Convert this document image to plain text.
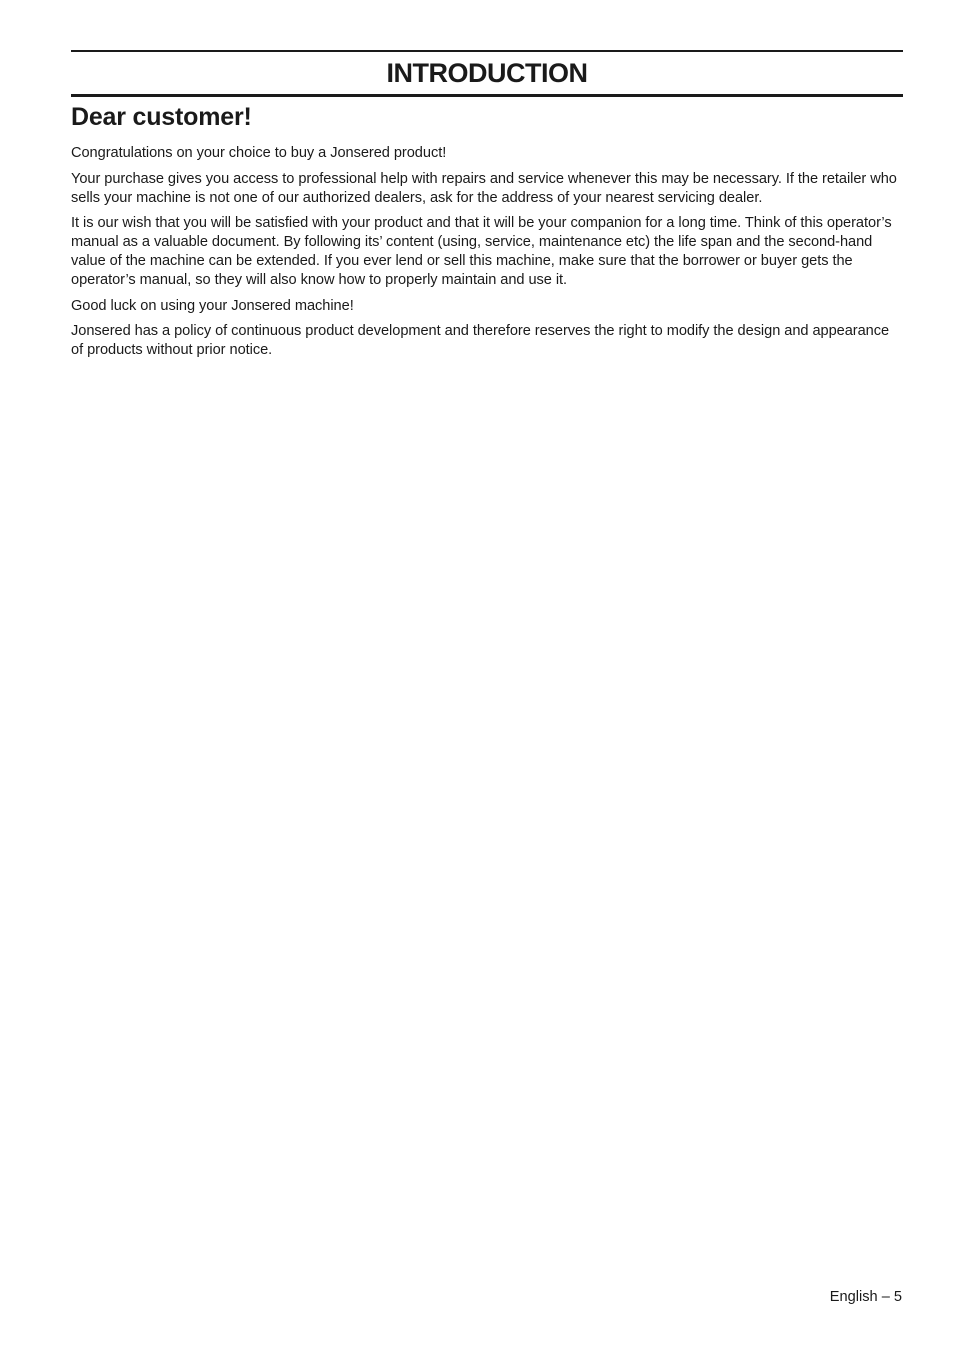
INTRODUCTION
Dear customer!

Congratulations on your choice to buy a Jonsered product!

Your purchase gives you access to professional help with repairs and service whenever this may be necessary. If the retailer who sells your machine is not one of our authorized dealers, ask for the address of your nearest servicing dealer.

It is our wish that you will be satisfied with your product and that it will be your companion for a long time. Think of this operator’s manual as a valuable document. By following its’ content (using, service, maintenance etc) the life span and the second-hand value of the machine can be extended. If you ever lend or sell this machine, make sure that the borrower or buyer gets the operator’s manual, so they will also know how to properly maintain and use it.

Good luck on using your Jonsered machine!

Jonsered has a policy of continuous product development and therefore reserves the right to modify the design and appearance of products without prior notice.

English – 5
